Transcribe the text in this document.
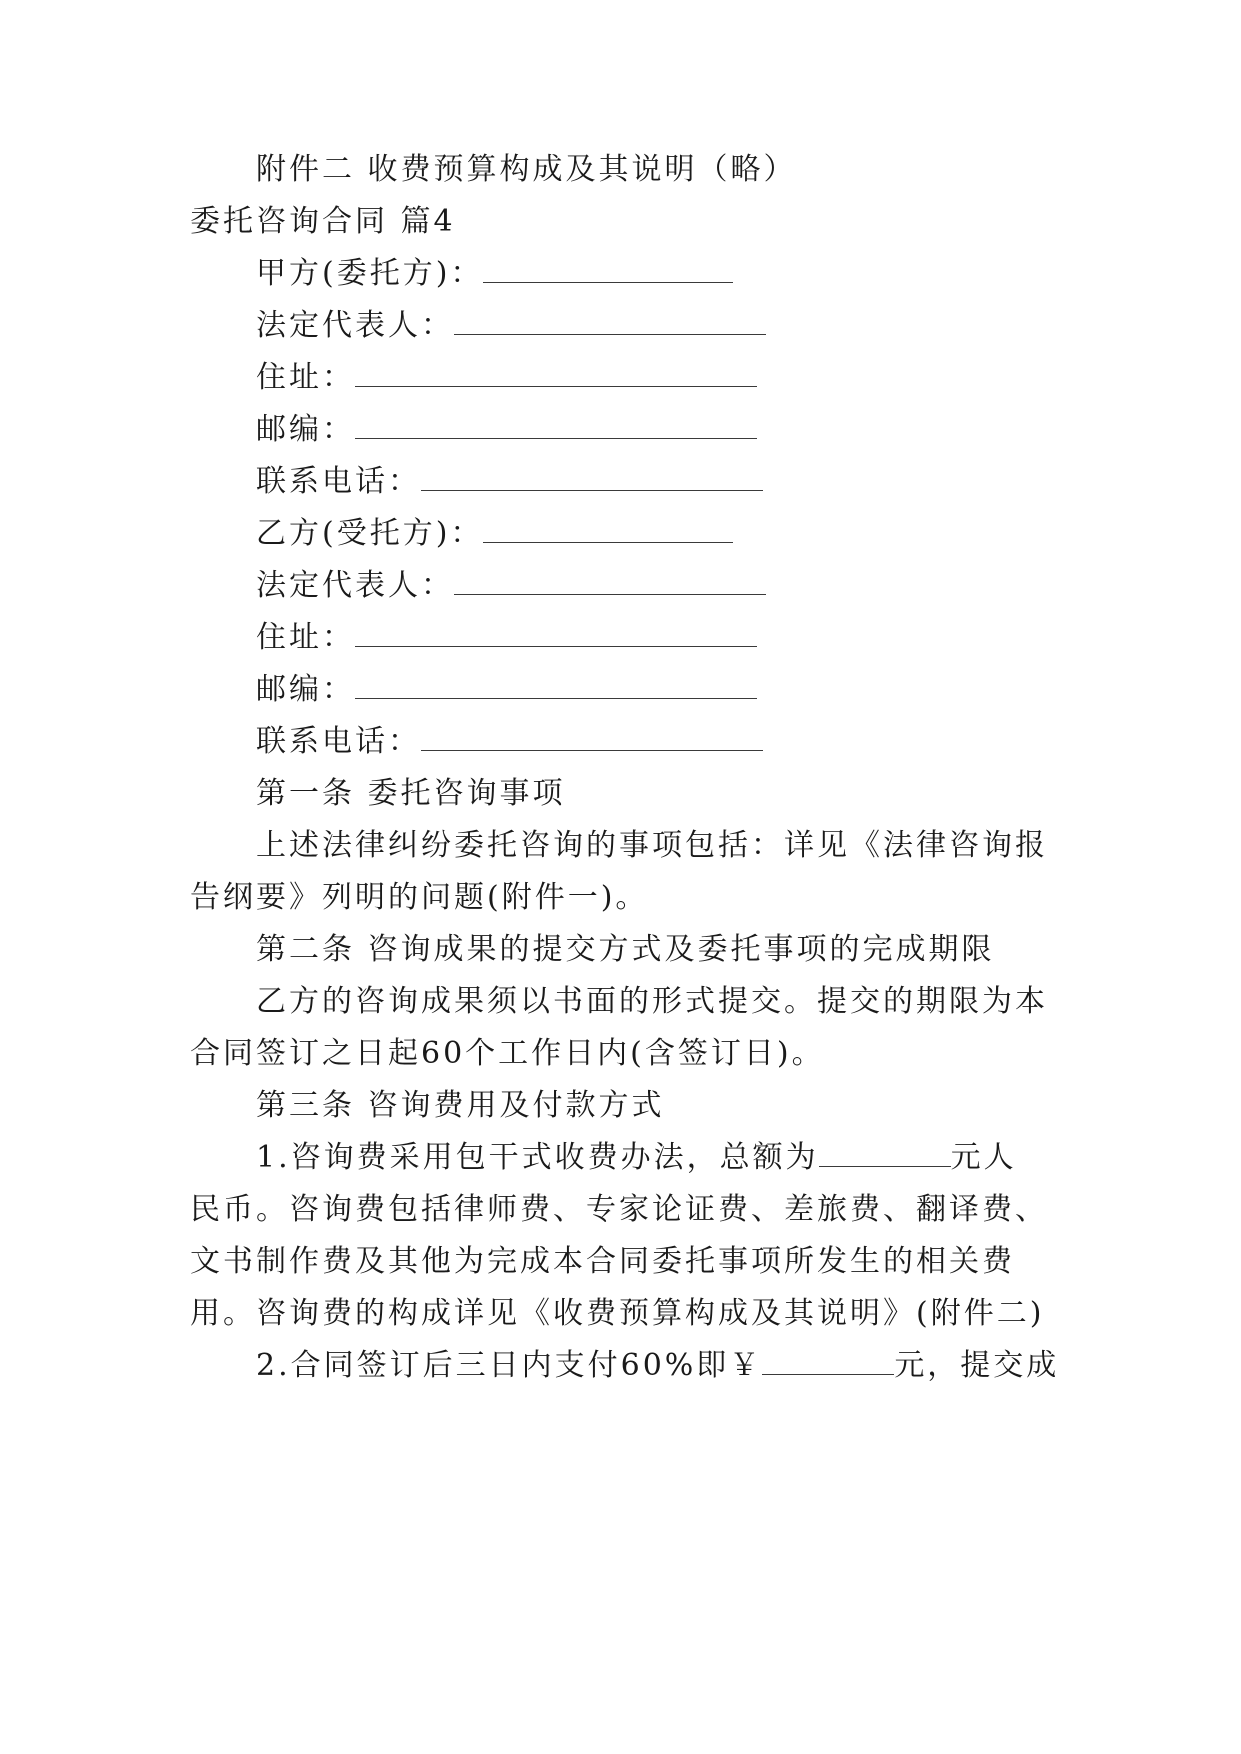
附件二 收费预算构成及其说明（略）
委托咨询合同 篇4
甲方(委托方)：
法定代表人：
住址：
邮编：
联系电话：
乙方(受托方)：
法定代表人：
住址：
邮编：
联系电话：
第一条 委托咨询事项
上述法律纠纷委托咨询的事项包括：详见《法律咨询报
告纲要》列明的问题(附件一)。
第二条 咨询成果的提交方式及委托事项的完成期限
乙方的咨询成果须以书面的形式提交。提交的期限为本
合同签订之日起60个工作日内(含签订日)。
第三条 咨询费用及付款方式
1.咨询费采用包干式收费办法，总额为	元人
民币。咨询费包括律师费、专家论证费、差旅费、翻译费、
文书制作费及其他为完成本合同委托事项所发生的相关费
用。咨询费的构成详见《收费预算构成及其说明》(附件二)
2.合同签订后三日内支付60%即￥	元，提交成
